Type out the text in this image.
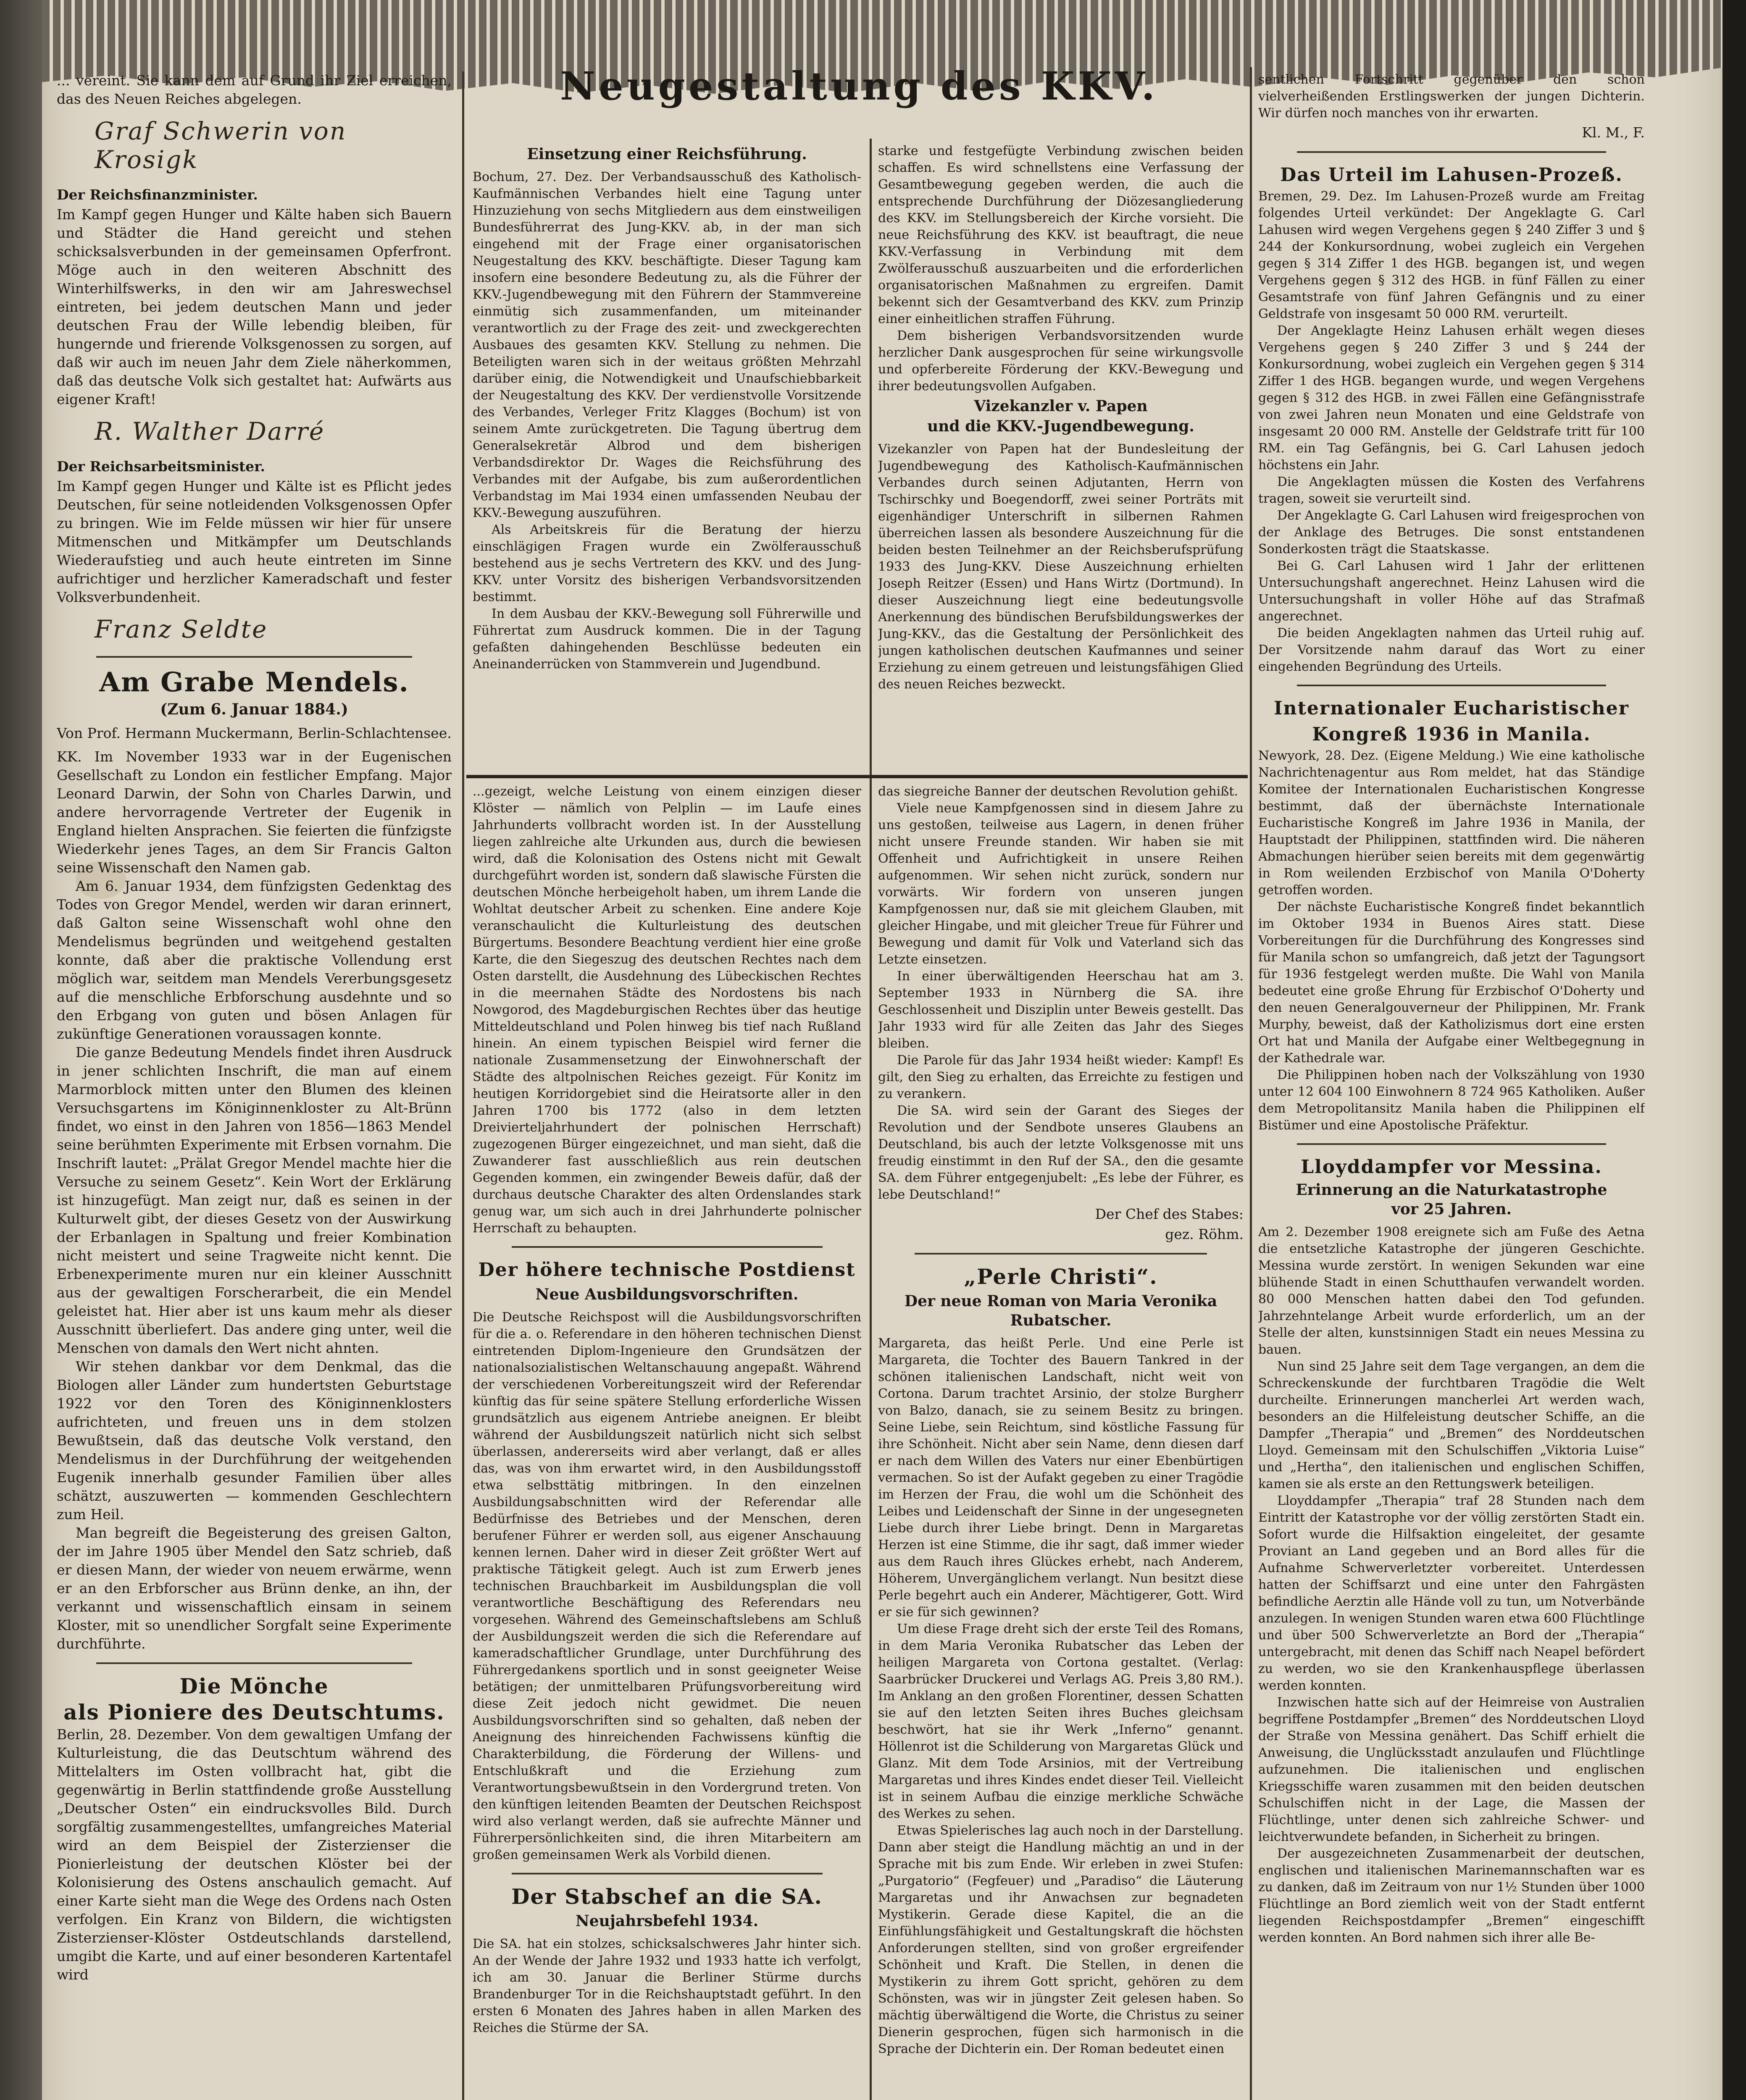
... vereint. Sie kann dem auf Grund ihr Ziel erreichen, das des Neuen Reiches abgelegen.

Graf Schwerin von Krosigk
Der Reichsfinanzminister.

Im Kampf gegen Hunger und Kälte haben sich Bauern und Städter die Hand gereicht und stehen schicksalsverbunden in der gemeinsamen Opferfront. Möge auch in den weiteren Abschnitt des Winterhilfswerks, in den wir am Jahreswechsel eintreten, bei jedem deutschen Mann und jeder deutschen Frau der Wille lebendig bleiben, für hungernde und frierende Volksgenossen zu sorgen, auf daß wir auch im neuen Jahr dem Ziele näherkommen, daß das deutsche Volk sich gestaltet hat: Aufwärts aus eigener Kraft!

R. Walther Darré
Der Reichsarbeitsminister.

Im Kampf gegen Hunger und Kälte ist es Pflicht jedes Deutschen, für seine notleidenden Volksgenossen Opfer zu bringen. Wie im Felde müssen wir hier für unsere Mitmenschen und Mitkämpfer um Deutschlands Wiederaufstieg und auch heute eintreten im Sinne aufrichtiger und herzlicher Kameradschaft und fester Volksverbundenheit.

Franz Seldte
Am Grabe Mendels.
(Zum 6. Januar 1884.)
Von Prof. Hermann Muckermann, Berlin-Schlachtensee.

KK. Im November 1933 war in der Eugenischen Gesellschaft zu London ein festlicher Empfang. Major Leonard Darwin, der Sohn von Charles Darwin, und andere hervorragende Vertreter der Eugenik in England hielten Ansprachen. Sie feierten die fünfzigste Wiederkehr jenes Tages, an dem Sir Francis Galton seine Wissenschaft den Namen gab.

Am 6. Januar 1934, dem fünfzigsten Gedenktag des Todes von Gregor Mendel, werden wir daran erinnert, daß Galton seine Wissenschaft wohl ohne den Mendelismus begründen und weitgehend gestalten konnte, daß aber die praktische Vollendung erst möglich war, seitdem man Mendels Vererbungsgesetz auf die menschliche Erbforschung ausdehnte und so den Erbgang von guten und bösen Anlagen für zukünftige Generationen voraussagen konnte.

Die ganze Bedeutung Mendels findet ihren Ausdruck in jener schlichten Inschrift, die man auf einem Marmorblock mitten unter den Blumen des kleinen Versuchsgartens im Königinnenkloster zu Alt-Brünn findet, wo einst in den Jahren von 1856—1863 Mendel seine berühmten Experimente mit Erbsen vornahm. Die Inschrift lautet: „Prälat Gregor Mendel machte hier die Versuche zu seinem Gesetz“. Kein Wort der Erklärung ist hinzugefügt. Man zeigt nur, daß es seinen in der Kulturwelt gibt, der dieses Gesetz von der Auswirkung der Erbanlagen in Spaltung und freier Kombination nicht meistert und seine Tragweite nicht kennt. Die Erbenexperimente muren nur ein kleiner Ausschnitt aus der gewaltigen Forscherarbeit, die ein Mendel geleistet hat. Hier aber ist uns kaum mehr als dieser Ausschnitt überliefert. Das andere ging unter, weil die Menschen von damals den Wert nicht ahnten.

Wir stehen dankbar vor dem Denkmal, das die Biologen aller Länder zum hundertsten Geburtstage 1922 vor den Toren des Königinnenklosters aufrichteten, und freuen uns in dem stolzen Bewußtsein, daß das deutsche Volk verstand, den Mendelismus in der Durchführung der weitgehenden Eugenik innerhalb gesunder Familien über alles schätzt, auszuwerten — kommenden Geschlechtern zum Heil.

Man begreift die Begeisterung des greisen Galton, der im Jahre 1905 über Mendel den Satz schrieb, daß er diesen Mann, der wieder von neuem erwärme, wenn er an den Erbforscher aus Brünn denke, an ihn, der verkannt und wissenschaftlich einsam in seinem Kloster, mit so unendlicher Sorgfalt seine Experimente durchführte.

Die Mönche
als Pioniere des Deutschtums.

Berlin, 28. Dezember. Von dem gewaltigen Umfang der Kulturleistung, die das Deutschtum während des Mittelalters im Osten vollbracht hat, gibt die gegenwärtig in Berlin stattfindende große Ausstellung „Deutscher Osten“ ein eindrucksvolles Bild. Durch sorgfältig zusammengestelltes, umfangreiches Material wird an dem Beispiel der Zisterzienser die Pionierleistung der deutschen Klöster bei der Kolonisierung des Ostens anschaulich gemacht. Auf einer Karte sieht man die Wege des Ordens nach Osten verfolgen. Ein Kranz von Bildern, die wichtigsten Zisterzienser-Klöster Ostdeutschlands darstellend, umgibt die Karte, und auf einer besonderen Kartentafel wird

Neugestaltung des KKV.
Einsetzung einer Reichsführung.

Bochum, 27. Dez. Der Verbandsausschuß des Katholisch-Kaufmännischen Verbandes hielt eine Tagung unter Hinzuziehung von sechs Mitgliedern aus dem einstweiligen Bundesführerrat des Jung-KKV. ab, in der man sich eingehend mit der Frage einer organisatorischen Neugestaltung des KKV. beschäftigte. Dieser Tagung kam insofern eine besondere Bedeutung zu, als die Führer der KKV.-Jugendbewegung mit den Führern der Stammvereine einmütig sich zusammenfanden, um miteinander verantwortlich zu der Frage des zeit- und zweckgerechten Ausbaues des gesamten KKV. Stellung zu nehmen. Die Beteiligten waren sich in der weitaus größten Mehrzahl darüber einig, die Notwendigkeit und Unaufschiebbarkeit der Neugestaltung des KKV. Der verdienstvolle Vorsitzende des Verbandes, Verleger Fritz Klagges (Bochum) ist von seinem Amte zurückgetreten. Die Tagung übertrug dem Generalsekretär Albrod und dem bisherigen Verbandsdirektor Dr. Wages die Reichsführung des Verbandes mit der Aufgabe, bis zum außerordentlichen Verbandstag im Mai 1934 einen umfassenden Neubau der KKV.-Bewegung auszuführen.

Als Arbeitskreis für die Beratung der hierzu einschlägigen Fragen wurde ein Zwölferausschuß bestehend aus je sechs Vertretern des KKV. und des Jung-KKV. unter Vorsitz des bisherigen Verbandsvorsitzenden bestimmt.

In dem Ausbau der KKV.-Bewegung soll Führerwille und Führertat zum Ausdruck kommen. Die in der Tagung gefaßten dahingehenden Beschlüsse bedeuten ein Aneinanderrücken von Stammverein und Jugendbund.

starke und festgefügte Verbindung zwischen beiden schaffen. Es wird schnellstens eine Verfassung der Gesamtbewegung gegeben werden, die auch die entsprechende Durchführung der Diözesangliederung des KKV. im Stellungsbereich der Kirche vorsieht. Die neue Reichsführung des KKV. ist beauftragt, die neue KKV.-Verfassung in Verbindung mit dem Zwölferausschuß auszuarbeiten und die erforderlichen organisatorischen Maßnahmen zu ergreifen. Damit bekennt sich der Gesamtverband des KKV. zum Prinzip einer einheitlichen straffen Führung.

Dem bisherigen Verbandsvorsitzenden wurde herzlicher Dank ausgesprochen für seine wirkungsvolle und opferbereite Förderung der KKV.-Bewegung und ihrer bedeutungsvollen Aufgaben.

Vizekanzler v. Papen
und die KKV.-Jugendbewegung.

Vizekanzler von Papen hat der Bundesleitung der Jugendbewegung des Katholisch-Kaufmännischen Verbandes durch seinen Adjutanten, Herrn von Tschirschky und Boegendorff, zwei seiner Porträts mit eigenhändiger Unterschrift in silbernen Rahmen überreichen lassen als besondere Auszeichnung für die beiden besten Teilnehmer an der Reichsberufsprüfung 1933 des Jung-KKV. Diese Auszeichnung erhielten Joseph Reitzer (Essen) und Hans Wirtz (Dortmund). In dieser Auszeichnung liegt eine bedeutungsvolle Anerkennung des bündischen Berufsbildungswerkes der Jung-KKV., das die Gestaltung der Persönlichkeit des jungen katholischen deutschen Kaufmannes und seiner Erziehung zu einem getreuen und leistungsfähigen Glied des neuen Reiches bezweckt.

...gezeigt, welche Leistung von einem einzigen dieser Klöster — nämlich von Pelplin — im Laufe eines Jahrhunderts vollbracht worden ist. In der Ausstellung liegen zahlreiche alte Urkunden aus, durch die bewiesen wird, daß die Kolonisation des Ostens nicht mit Gewalt durchgeführt worden ist, sondern daß slawische Fürsten die deutschen Mönche herbeigeholt haben, um ihrem Lande die Wohltat deutscher Arbeit zu schenken. Eine andere Koje veranschaulicht die Kulturleistung des deutschen Bürgertums. Besondere Beachtung verdient hier eine große Karte, die den Siegeszug des deutschen Rechtes nach dem Osten darstellt, die Ausdehnung des Lübeckischen Rechtes in die meernahen Städte des Nordostens bis nach Nowgorod, des Magdeburgischen Rechtes über das heutige Mitteldeutschland und Polen hinweg bis tief nach Rußland hinein. An einem typischen Beispiel wird ferner die nationale Zusammensetzung der Einwohnerschaft der Städte des altpolnischen Reiches gezeigt. Für Konitz im heutigen Korridorgebiet sind die Heiratsorte aller in den Jahren 1700 bis 1772 (also in dem letzten Dreivierteljahrhundert der polnischen Herrschaft) zugezogenen Bürger eingezeichnet, und man sieht, daß die Zuwanderer fast ausschließlich aus rein deutschen Gegenden kommen, ein zwingender Beweis dafür, daß der durchaus deutsche Charakter des alten Ordenslandes stark genug war, um sich auch in drei Jahrhunderte polnischer Herrschaft zu behaupten.

Der höhere technische Postdienst
Neue Ausbildungsvorschriften.

Die Deutsche Reichspost will die Ausbildungsvorschriften für die a. o. Referendare in den höheren technischen Dienst eintretenden Diplom-Ingenieure den Grundsätzen der nationalsozialistischen Weltanschauung angepaßt. Während der verschiedenen Vorbereitungszeit wird der Referendar künftig das für seine spätere Stellung erforderliche Wissen grundsätzlich aus eigenem Antriebe aneignen. Er bleibt während der Ausbildungszeit natürlich nicht sich selbst überlassen, andererseits wird aber verlangt, daß er alles das, was von ihm erwartet wird, in den Ausbildungsstoff etwa selbsttätig mitbringen. In den einzelnen Ausbildungsabschnitten wird der Referendar alle Bedürfnisse des Betriebes und der Menschen, deren berufener Führer er werden soll, aus eigener Anschauung kennen lernen. Daher wird in dieser Zeit größter Wert auf praktische Tätigkeit gelegt. Auch ist zum Erwerb jenes technischen Brauchbarkeit im Ausbildungsplan die voll verantwortliche Beschäftigung des Referendars neu vorgesehen. Während des Gemeinschaftslebens am Schluß der Ausbildungszeit werden die sich die Referendare auf kameradschaftlicher Grundlage, unter Durchführung des Führergedankens sportlich und in sonst geeigneter Weise betätigen; der unmittelbaren Prüfungsvorbereitung wird diese Zeit jedoch nicht gewidmet. Die neuen Ausbildungsvorschriften sind so gehalten, daß neben der Aneignung des hinreichenden Fachwissens künftig die Charakterbildung, die Förderung der Willens- und Entschlußkraft und die Erziehung zum Verantwortungsbewußtsein in den Vordergrund treten. Von den künftigen leitenden Beamten der Deutschen Reichspost wird also verlangt werden, daß sie aufrechte Männer und Führerpersönlichkeiten sind, die ihren Mitarbeitern am großen gemeinsamen Werk als Vorbild dienen.

Der Stabschef an die SA.
Neujahrsbefehl 1934.

Die SA. hat ein stolzes, schicksalschweres Jahr hinter sich. An der Wende der Jahre 1932 und 1933 hatte ich verfolgt, ich am 30. Januar die Berliner Stürme durchs Brandenburger Tor in die Reichshauptstadt geführt. In den ersten 6 Monaten des Jahres haben in allen Marken des Reiches die Stürme der SA.

das siegreiche Banner der deutschen Revolution gehißt.

Viele neue Kampfgenossen sind in diesem Jahre zu uns gestoßen, teilweise aus Lagern, in denen früher nicht unsere Freunde standen. Wir haben sie mit Offenheit und Aufrichtigkeit in unsere Reihen aufgenommen. Wir sehen nicht zurück, sondern nur vorwärts. Wir fordern von unseren jungen Kampfgenossen nur, daß sie mit gleichem Glauben, mit gleicher Hingabe, und mit gleicher Treue für Führer und Bewegung und damit für Volk und Vaterland sich das Letzte einsetzen.

In einer überwältigenden Heerschau hat am 3. September 1933 in Nürnberg die SA. ihre Geschlossenheit und Disziplin unter Beweis gestellt. Das Jahr 1933 wird für alle Zeiten das Jahr des Sieges bleiben.

Die Parole für das Jahr 1934 heißt wieder: Kampf! Es gilt, den Sieg zu erhalten, das Erreichte zu festigen und zu verankern.

Die SA. wird sein der Garant des Sieges der Revolution und der Sendbote unseres Glaubens an Deutschland, bis auch der letzte Volksgenosse mit uns freudig einstimmt in den Ruf der SA., den die gesamte SA. dem Führer entgegenjubelt: „Es lebe der Führer, es lebe Deutschland!“

Der Chef des Stabes:
gez. Röhm.
„Perle Christi“.
Der neue Roman von Maria Veronika Rubatscher.

Margareta, das heißt Perle. Und eine Perle ist Margareta, die Tochter des Bauern Tankred in der schönen italienischen Landschaft, nicht weit von Cortona. Darum trachtet Arsinio, der stolze Burgherr von Balzo, danach, sie zu seinem Besitz zu bringen. Seine Liebe, sein Reichtum, sind köstliche Fassung für ihre Schönheit. Nicht aber sein Name, denn diesen darf er nach dem Willen des Vaters nur einer Ebenbürtigen vermachen. So ist der Aufakt gegeben zu einer Tragödie im Herzen der Frau, die wohl um die Schönheit des Leibes und Leidenschaft der Sinne in der ungesegneten Liebe durch ihrer Liebe bringt. Denn in Margaretas Herzen ist eine Stimme, die ihr sagt, daß immer wieder aus dem Rauch ihres Glückes erhebt, nach Anderem, Höherem, Unvergänglichem verlangt. Nun besitzt diese Perle begehrt auch ein Anderer, Mächtigerer, Gott. Wird er sie für sich gewinnen?

Um diese Frage dreht sich der erste Teil des Romans, in dem Maria Veronika Rubatscher das Leben der heiligen Margareta von Cortona gestaltet. (Verlag: Saarbrücker Druckerei und Verlags AG. Preis 3,80 RM.). Im Anklang an den großen Florentiner, dessen Schatten sie auf den letzten Seiten ihres Buches gleichsam beschwört, hat sie ihr Werk „Inferno“ genannt. Höllenrot ist die Schilderung von Margaretas Glück und Glanz. Mit dem Tode Arsinios, mit der Vertreibung Margaretas und ihres Kindes endet dieser Teil. Vielleicht ist in seinem Aufbau die einzige merkliche Schwäche des Werkes zu sehen.

Etwas Spielerisches lag auch noch in der Darstellung. Dann aber steigt die Handlung mächtig an und in der Sprache mit bis zum Ende. Wir erleben in zwei Stufen: „Purgatorio“ (Fegfeuer) und „Paradiso“ die Läuterung Margaretas und ihr Anwachsen zur begnadeten Mystikerin. Gerade diese Kapitel, die an die Einfühlungsfähigkeit und Gestaltungskraft die höchsten Anforderungen stellten, sind von großer ergreifender Schönheit und Kraft. Die Stellen, in denen die Mystikerin zu ihrem Gott spricht, gehören zu dem Schönsten, was wir in jüngster Zeit gelesen haben. So mächtig überwältigend die Worte, die Christus zu seiner Dienerin gesprochen, fügen sich harmonisch in die Sprache der Dichterin ein. Der Roman bedeutet einen

sentlichen Fortschritt gegenüber den schon vielverheißenden Erstlingswerken der jungen Dichterin. Wir dürfen noch manches von ihr erwarten.

Kl. M., F.
Das Urteil im Lahusen-Prozeß.

Bremen, 29. Dez. Im Lahusen-Prozeß wurde am Freitag folgendes Urteil verkündet: Der Angeklagte G. Carl Lahusen wird wegen Vergehens gegen § 240 Ziffer 3 und § 244 der Konkursordnung, wobei zugleich ein Vergehen gegen § 314 Ziffer 1 des HGB. begangen ist, und wegen Vergehens gegen § 312 des HGB. in fünf Fällen zu einer Gesamtstrafe von fünf Jahren Gefängnis und zu einer Geldstrafe von insgesamt 50 000 RM. verurteilt.

Der Angeklagte Heinz Lahusen erhält wegen dieses Vergehens gegen § 240 Ziffer 3 und § 244 der Konkursordnung, wobei zugleich ein Vergehen gegen § 314 Ziffer 1 des HGB. begangen wurde, und wegen Vergehens gegen § 312 des HGB. in zwei Fällen eine Gefängnisstrafe von zwei Jahren neun Monaten und eine Geldstrafe von insgesamt 20 000 RM. Anstelle der Geldstrafe tritt für 100 RM. ein Tag Gefängnis, bei G. Carl Lahusen jedoch höchstens ein Jahr.

Die Angeklagten müssen die Kosten des Verfahrens tragen, soweit sie verurteilt sind.

Der Angeklagte G. Carl Lahusen wird freigesprochen von der Anklage des Betruges. Die sonst entstandenen Sonderkosten trägt die Staatskasse.

Bei G. Carl Lahusen wird 1 Jahr der erlittenen Untersuchungshaft angerechnet. Heinz Lahusen wird die Untersuchungshaft in voller Höhe auf das Strafmaß angerechnet.

Die beiden Angeklagten nahmen das Urteil ruhig auf. Der Vorsitzende nahm darauf das Wort zu einer eingehenden Begründung des Urteils.

Internationaler Eucharistischer
Kongreß 1936 in Manila.

Newyork, 28. Dez. (Eigene Meldung.) Wie eine katholische Nachrichtenagentur aus Rom meldet, hat das Ständige Komitee der Internationalen Eucharistischen Kongresse bestimmt, daß der übernächste Internationale Eucharistische Kongreß im Jahre 1936 in Manila, der Hauptstadt der Philippinen, stattfinden wird. Die näheren Abmachungen hierüber seien bereits mit dem gegenwärtig in Rom weilenden Erzbischof von Manila O'Doherty getroffen worden.

Der nächste Eucharistische Kongreß findet bekanntlich im Oktober 1934 in Buenos Aires statt. Diese Vorbereitungen für die Durchführung des Kongresses sind für Manila schon so umfangreich, daß jetzt der Tagungsort für 1936 festgelegt werden mußte. Die Wahl von Manila bedeutet eine große Ehrung für Erzbischof O'Doherty und den neuen Generalgouverneur der Philippinen, Mr. Frank Murphy, beweist, daß der Katholizismus dort eine ersten Ort hat und Manila der Aufgabe einer Weltbegegnung in der Kathedrale war.

Die Philippinen hoben nach der Volkszählung von 1930 unter 12 604 100 Einwohnern 8 724 965 Katholiken. Außer dem Metropolitansitz Manila haben die Philippinen elf Bistümer und eine Apostolische Präfektur.

Lloyddampfer vor Messina.
Erinnerung an die Naturkatastrophe
vor 25 Jahren.

Am 2. Dezember 1908 ereignete sich am Fuße des Aetna die entsetzliche Katastrophe der jüngeren Geschichte. Messina wurde zerstört. In wenigen Sekunden war eine blühende Stadt in einen Schutthaufen verwandelt worden. 80 000 Menschen hatten dabei den Tod gefunden. Jahrzehntelange Arbeit wurde erforderlich, um an der Stelle der alten, kunstsinnigen Stadt ein neues Messina zu bauen.

Nun sind 25 Jahre seit dem Tage vergangen, an dem die Schreckenskunde der furchtbaren Tragödie die Welt durcheilte. Erinnerungen mancherlei Art werden wach, besonders an die Hilfeleistung deutscher Schiffe, an die Dampfer „Therapia“ und „Bremen“ des Norddeutschen Lloyd. Gemeinsam mit den Schulschiffen „Viktoria Luise“ und „Hertha“, den italienischen und englischen Schiffen, kamen sie als erste an den Rettungswerk beteiligen.

Lloyddampfer „Therapia“ traf 28 Stunden nach dem Eintritt der Katastrophe vor der völlig zerstörten Stadt ein. Sofort wurde die Hilfsaktion eingeleitet, der gesamte Proviant an Land gegeben und an Bord alles für die Aufnahme Schwerverletzter vorbereitet. Unterdessen hatten der Schiffsarzt und eine unter den Fahrgästen befindliche Aerztin alle Hände voll zu tun, um Notverbände anzulegen. In wenigen Stunden waren etwa 600 Flüchtlinge und über 500 Schwerverletzte an Bord der „Therapia“ untergebracht, mit denen das Schiff nach Neapel befördert zu werden, wo sie den Krankenhauspflege überlassen werden konnten.

Inzwischen hatte sich auf der Heimreise von Australien begriffene Postdampfer „Bremen“ des Norddeutschen Lloyd der Straße von Messina genähert. Das Schiff erhielt die Anweisung, die Unglücksstadt anzulaufen und Flüchtlinge aufzunehmen. Die italienischen und englischen Kriegsschiffe waren zusammen mit den beiden deutschen Schulschiffen nicht in der Lage, die Massen der Flüchtlinge, unter denen sich zahlreiche Schwer- und leichtverwundete befanden, in Sicherheit zu bringen.

Der ausgezeichneten Zusammenarbeit der deutschen, englischen und italienischen Marinemannschaften war es zu danken, daß im Zeitraum von nur 1½ Stunden über 1000 Flüchtlinge an Bord ziemlich weit von der Stadt entfernt liegenden Reichspostdampfer „Bremen“ eingeschifft werden konnten. An Bord nahmen sich ihrer alle Be-
